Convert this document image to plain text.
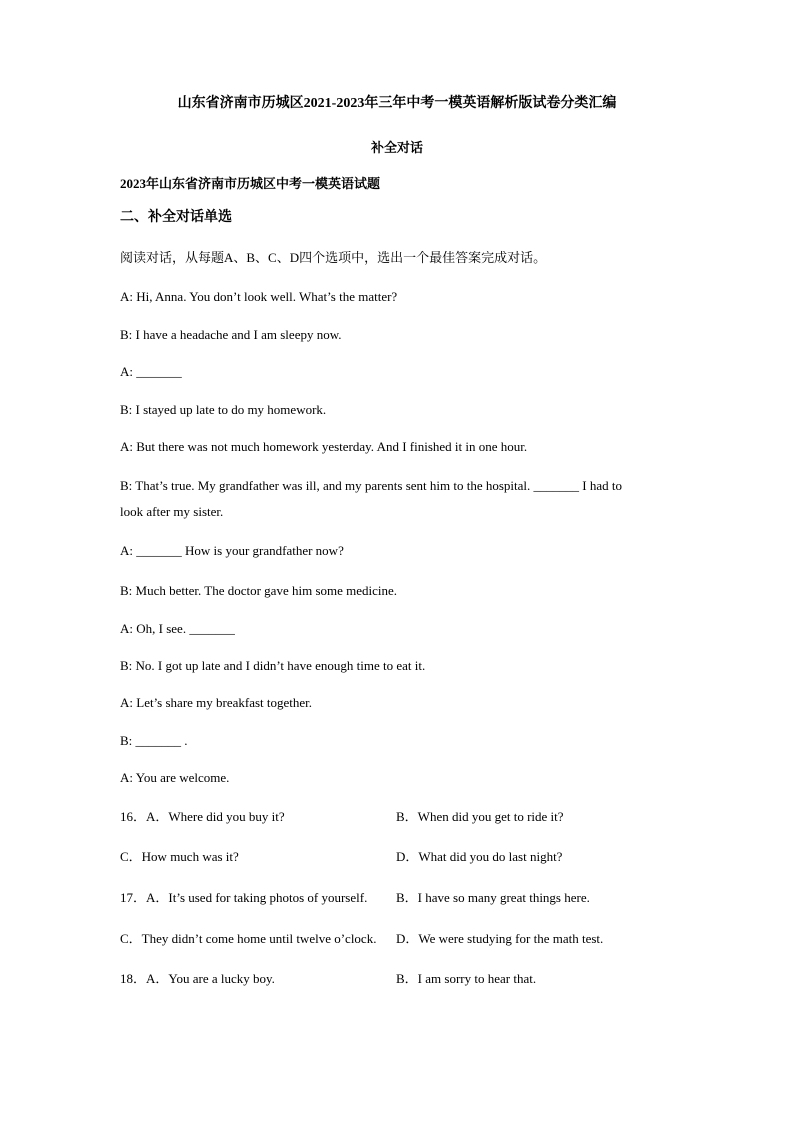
山东省济南市历城区2021-2023年三年中考一模英语解析版试卷分类汇编
补全对话
2023年山东省济南市历城区中考一模英语试题
二、补全对话单选
阅读对话，从每题A、B、C、D四个选项中，选出一个最佳答案完成对话。
A: Hi, Anna. You don’t look well. What’s the matter?
B: I have a headache and I am sleepy now.
A: _______
B: I stayed up late to do my homework.
A: But there was not much homework yesterday. And I finished it in one hour.
B: That’s true. My grandfather was ill, and my parents sent him to the hospital. _______ I had to
look after my sister.
A: _______ How is your grandfather now?
B: Much better. The doctor gave him some medicine.
A: Oh, I see. _______
B: No. I got up late and I didn’t have enough time to eat it.
A: Let’s share my breakfast together.
B: _______ .
A: You are welcome.
16．A．Where did you buy it?	B．When did you get to ride it?
C．How much was it?	D．What did you do last night?
17．A．It’s used for taking photos of yourself. B．I have so many great things here.
C．They didn’t come home until twelve o’clock. D．We were studying for the math test.
18．A．You are a lucky boy.	B．I am sorry to hear that.
